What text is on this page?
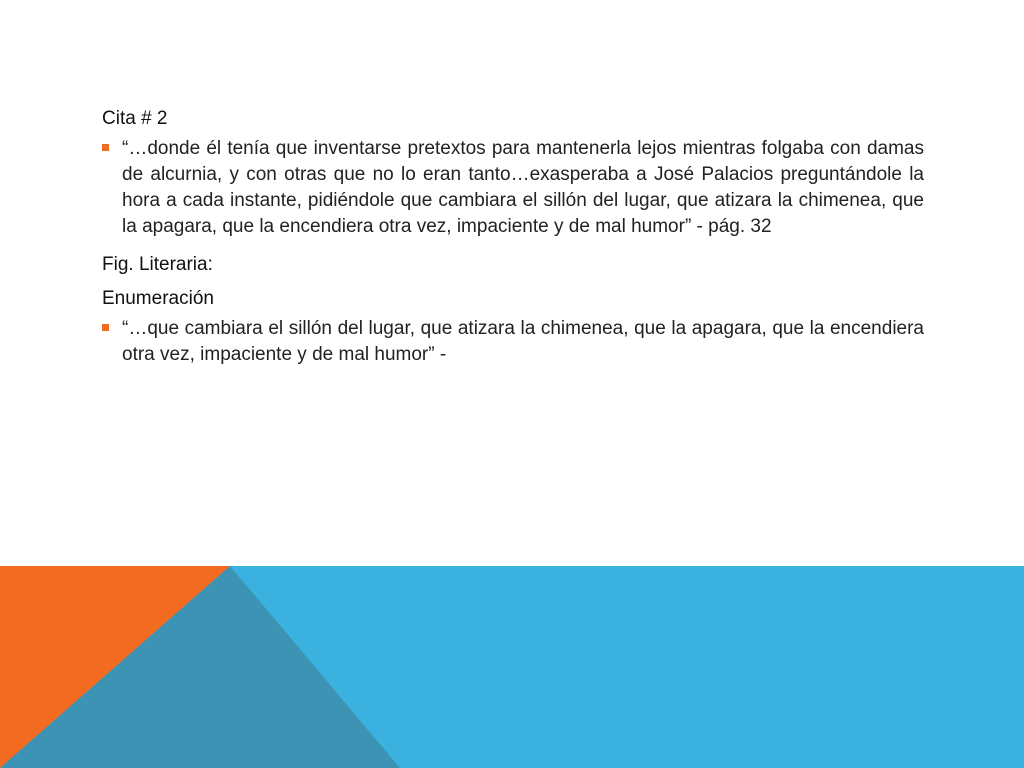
Cita # 2

“…donde él tenía que inventarse pretextos para mantenerla lejos mientras folgaba con damas de alcurnia, y con otras que no lo eran tanto…exasperaba a José Palacios preguntándole la hora a cada instante, pidiéndole que cambiara el sillón del lugar, que atizara la chimenea, que la apagara, que la encendiera otra vez, impaciente y de mal humor” - pág. 32

Fig. Literaria:

Enumeración

“…que cambiara el sillón del lugar, que atizara la chimenea, que la apagara, que la encendiera otra vez, impaciente y de mal humor” -
